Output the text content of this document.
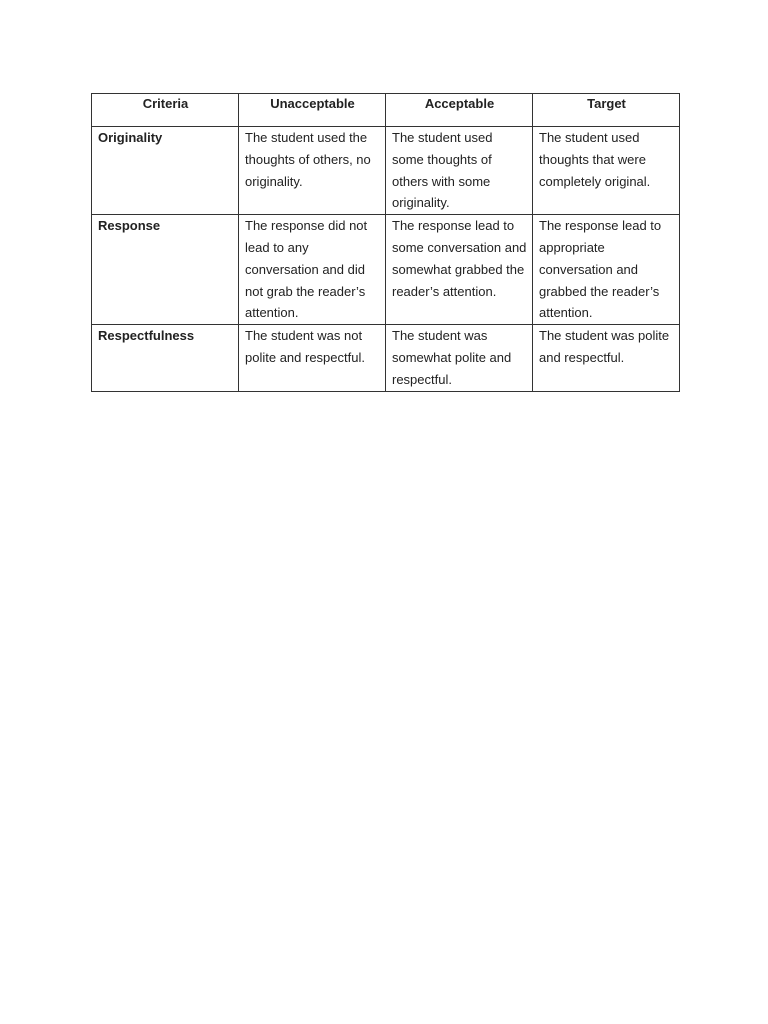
Criteria	Unacceptable	Acceptable	Target
Originality	The student used the thoughts of others, no originality.	The student used some thoughts of others with some originality.	The student used thoughts that were completely original.
Response	The response did not lead to any conversation and did not grab the reader’s attention.	The response lead to some conversation and somewhat grabbed the reader’s attention.	The response lead to appropriate conversation and grabbed the reader’s attention.
Respectfulness	The student was not polite and respectful.	The student was somewhat polite and respectful.	The student was polite and respectful.
